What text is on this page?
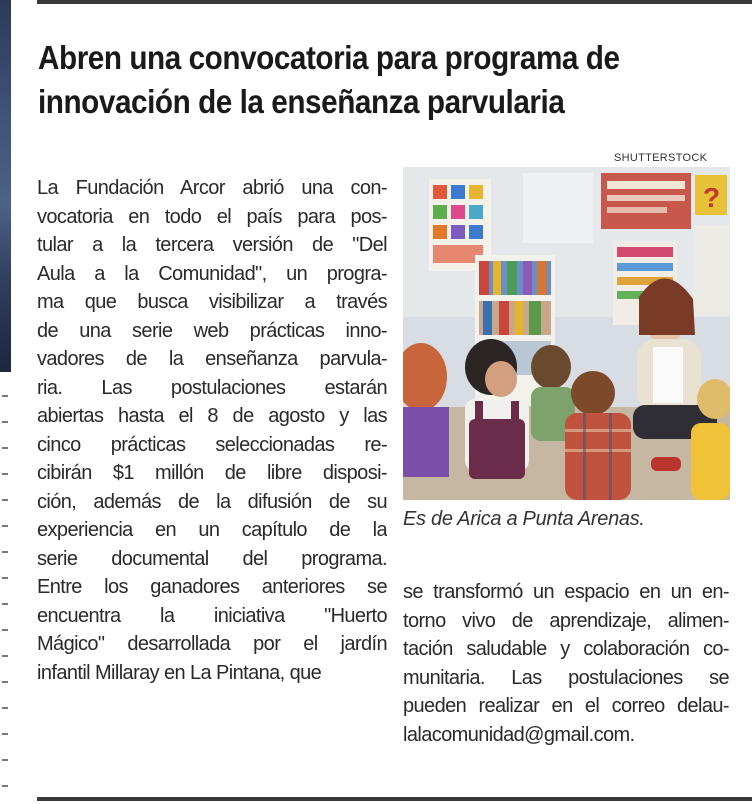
Abren una convocatoria para programa de
innovación de la enseñanza parvularia
La Fundación Arcor abrió una con-
vocatoria en todo el país para pos-
tular a la tercera versión de "Del
Aula a la Comunidad", un progra-
ma que busca visibilizar a través
de una serie web prácticas inno-
vadores de la enseñanza parvula-
ria. Las postulaciones estarán
abiertas hasta el 8 de agosto y las
cinco prácticas seleccionadas re-
cibirán $1 millón de libre disposi-
ción, además de la difusión de su
experiencia en un capítulo de la
serie documental del programa.
Entre los ganadores anteriores se
encuentra la iniciativa "Huerto
Mágico" desarrollada por el jardín
infantil Millaray en La Pintana, que
SHUTTERSTOCK
?
Es de Arica a Punta Arenas.
se transformó un espacio en un en-
torno vivo de aprendizaje, alimen-
tación saludable y colaboración co-
munitaria. Las postulaciones se
pueden realizar en el correo delau-
lalacomunidad@gmail.com.
